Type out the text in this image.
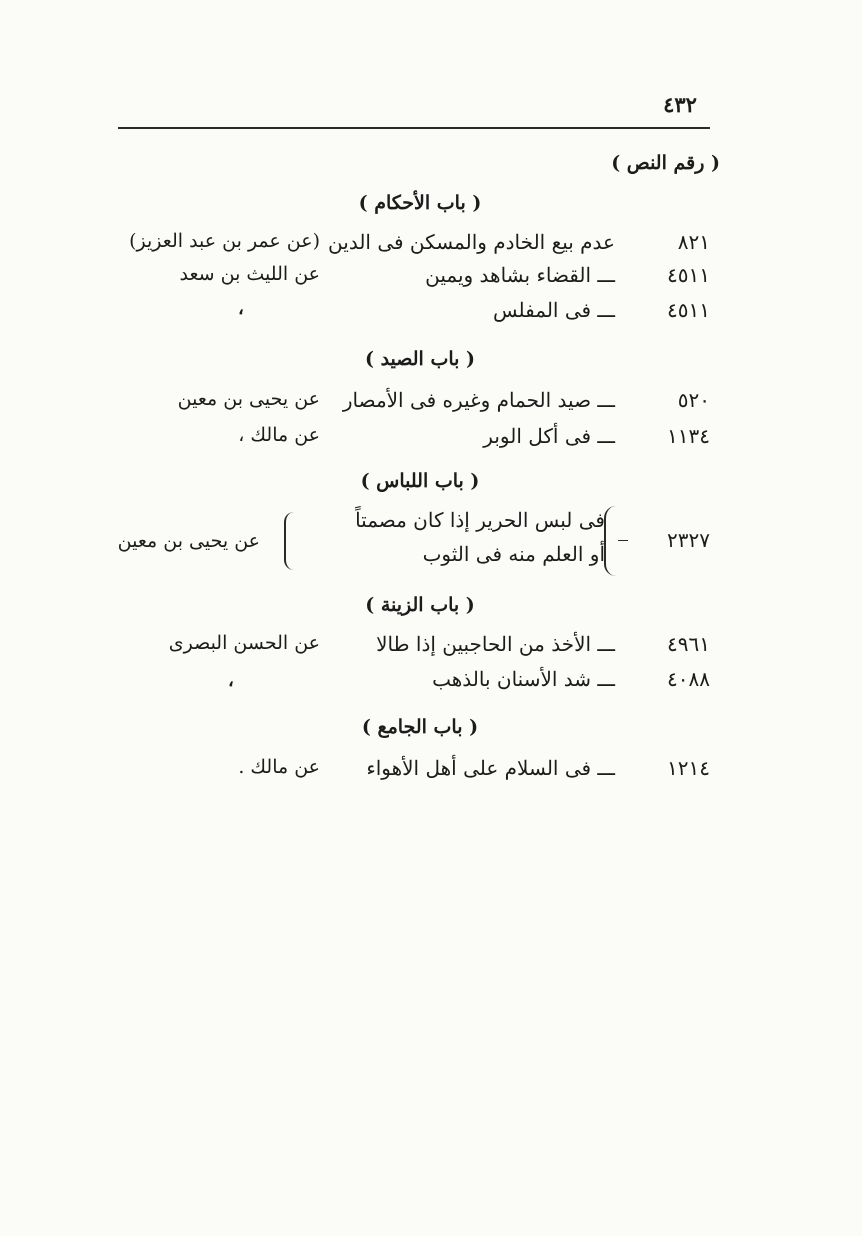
٤٣٢
( رقم النص )
( باب الأحكام )
٨٢١
عدم بيع الخادم والمسكن فى الدين
(عن عمر بن عبد العزيز)
٤٥١١
ـــ القضاء بشاهد ويمين
عن الليث بن سعد
٤٥١١
ـــ فى المفلس
،
( باب الصيد )
٥٢٠
ـــ صيد الحمام وغيره فى الأمصار
عن يحيى بن معين
١١٣٤
ـــ فى أكل الوبر
عن مالك ،
( باب اللباس )
٢٣٢٧
فى لبس الحرير إذا كان مصمتاً
أو العلم منه فى الثوب
عن يحيى بن معين
( باب الزينة )
٤٩٦١
ـــ الأخذ من الحاجبين إذا طالا
عن الحسن البصرى
٤٠٨٨
ـــ شد الأسنان بالذهب
،
( باب الجامع )
١٢١٤
ـــ فى السلام على أهل الأهواء
عن مالك .
